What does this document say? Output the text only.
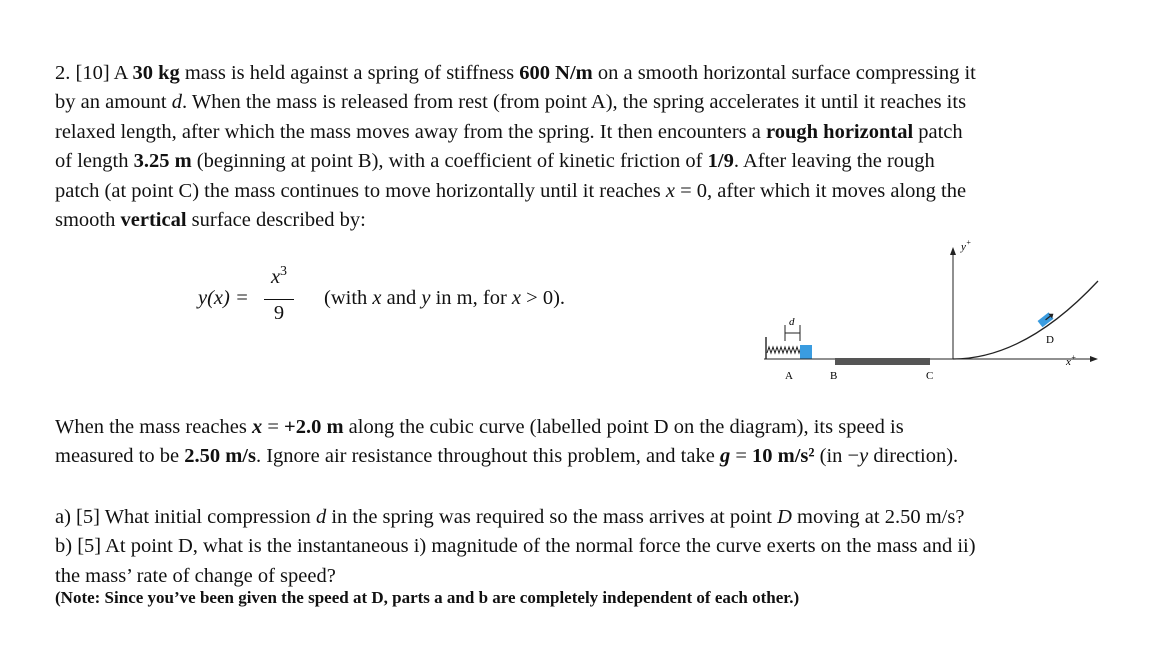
2. [10] A 30 kg mass is held against a spring of stiffness 600 N/m on a smooth horizontal surface compressing it
by an amount d. When the mass is released from rest (from point A), the spring accelerates it until it reaches its
relaxed length, after which the mass moves away from the spring. It then encounters a rough horizontal patch
of length 3.25 m (beginning at point B), with a coefficient of kinetic friction of 1/9. After leaving the rough
patch (at point C) the mass continues to move horizontally until it reaches x = 0, after which it moves along the
smooth vertical surface described by:
y(x) =
$x^3$
9
(with x and y in m, for x > 0).
d
A	B	C
D
x+
y+
When the mass reaches x = +2.0 m along the cubic curve (labelled point D on the diagram), its speed is
measured to be 2.50 m/s. Ignore air resistance throughout this problem, and take g = 10 m/s² (in −y direction).
a) [5] What initial compression d in the spring was required so the mass arrives at point D moving at 2.50 m/s?
b) [5] At point D, what is the instantaneous i) magnitude of the normal force the curve exerts on the mass and ii)
the mass’ rate of change of speed?
(Note: Since you’ve been given the speed at D, parts a and b are completely independent of each other.)
